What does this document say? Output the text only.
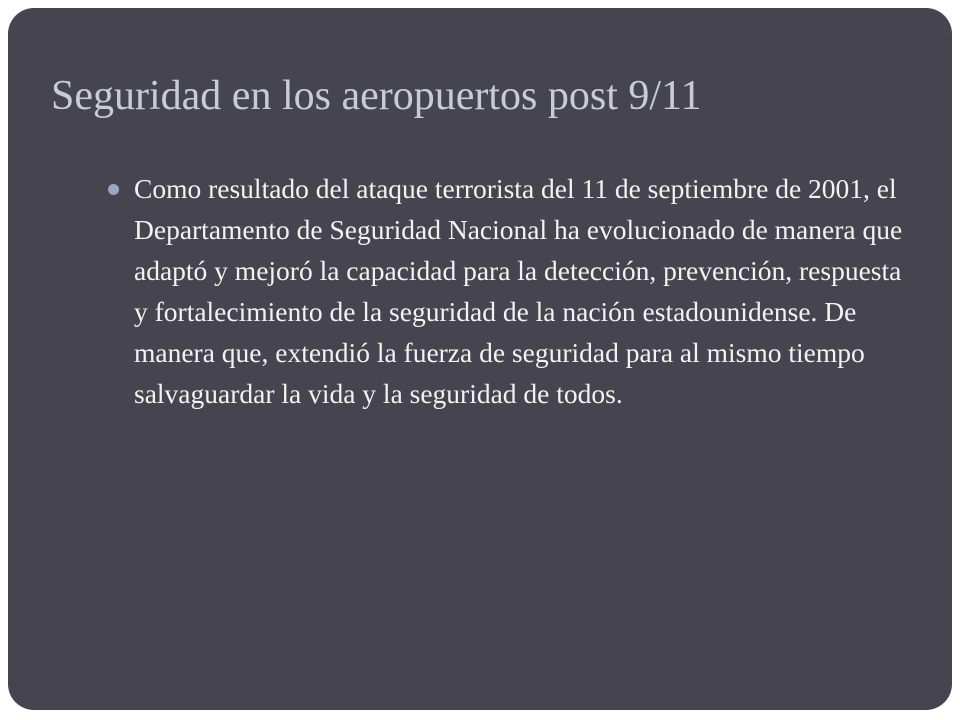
Seguridad en los aeropuertos post 9/11
Como resultado del ataque terrorista del 11 de septiembre de 2001, el Departamento de Seguridad Nacional ha evolucionado de manera que adaptó y mejoró la capacidad para la detección, prevención, respuesta y fortalecimiento de la seguridad de la nación estadounidense. De manera que, extendió la fuerza de seguridad para al mismo tiempo salvaguardar la vida y la seguridad de todos.
